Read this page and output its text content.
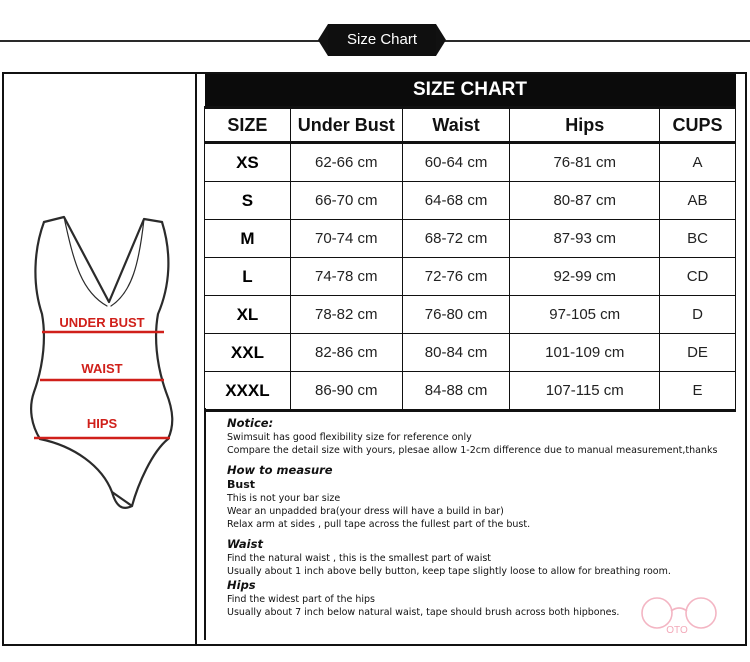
Size Chart
UNDER BUST
WAIST
HIPS
SIZE CHART				
SIZE	Under Bust	Waist	Hips	CUPS
XS	62-66 cm	60-64 cm	76-81 cm	A
S	66-70 cm	64-68 cm	80-87 cm	AB
M	70-74 cm	68-72 cm	87-93 cm	BC
L	74-78 cm	72-76 cm	92-99 cm	CD
XL	78-82 cm	76-80 cm	97-105 cm	D
XXL	82-86 cm	80-84 cm	101-109 cm	DE
XXXL	86-90 cm	84-88 cm	107-115 cm	E

Notice:

Swimsuit has good flexibility size for reference only

Compare the detail size with yours, plesae allow 1-2cm difference due to manual measurement,thanks

How to measure

Bust

This is not your bar size

Wear an unpadded bra(your dress will have a build in bar)

Relax arm at sides , pull tape across the fullest part of the bust.

Waist

Find the natural waist , this is the smallest part of waist

Usually about 1 inch above belly button, keep tape slightly loose to allow for breathing room.

Hips

Find the widest part of the hips

Usually about 7 inch below natural waist, tape should brush across both hipbones.

OTO
